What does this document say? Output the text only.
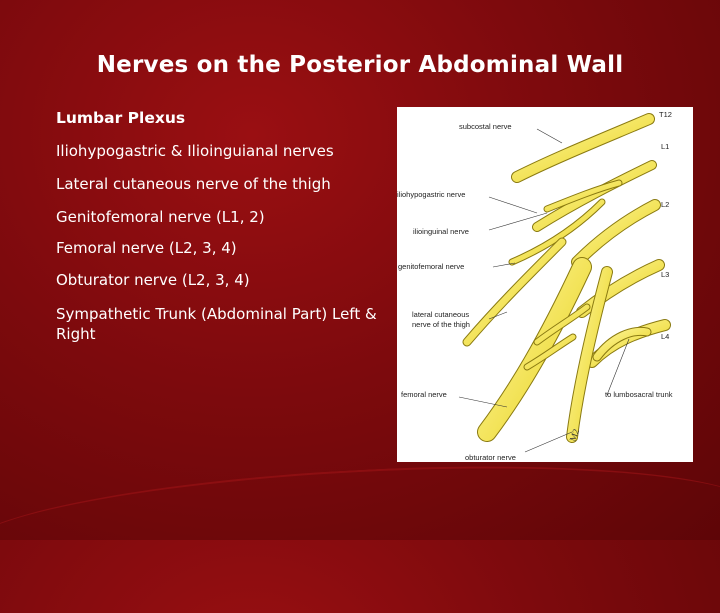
Nerves on the Posterior Abdominal Wall

Lumbar Plexus

Iliohypogastric & Ilioinguianal nerves

Lateral cutaneous nerve of the thigh

Genitofemoral nerve (L1, 2)

Femoral nerve (L2, 3, 4)

Obturator nerve (L2, 3, 4)

Sympathetic Trunk (Abdominal Part) Left & Right

subcostal nerve
iliohypogastric nerve
ilioinguinal nerve
genitofemoral nerve
lateral cutaneous
nerve of the thigh
femoral nerve	to lumbosacral trunk
obturator nerve
T12
L1
L2
L3
L4
M2
